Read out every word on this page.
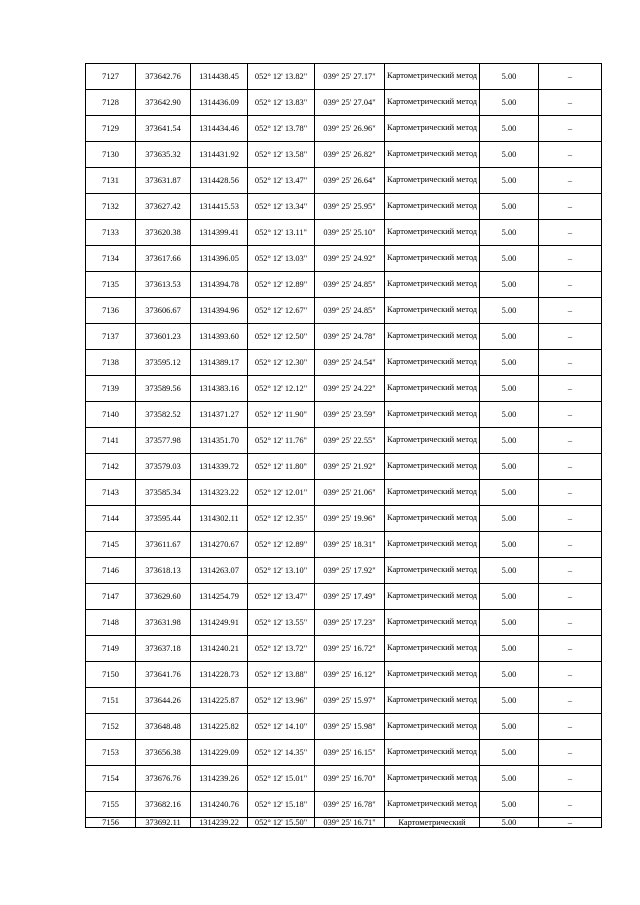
7127	373642.76	1314438.45	052° 12' 13.82"	039° 25' 27.17"	Картометрический метод	5.00	–
7128	373642.90	1314436.09	052° 12' 13.83"	039° 25' 27.04"	Картометрический метод	5.00	–
7129	373641.54	1314434.46	052° 12' 13.78"	039° 25' 26.96"	Картометрический метод	5.00	–
7130	373635.32	1314431.92	052° 12' 13.58"	039° 25' 26.82"	Картометрический метод	5.00	–
7131	373631.87	1314428.56	052° 12' 13.47"	039° 25' 26.64"	Картометрический метод	5.00	–
7132	373627.42	1314415.53	052° 12' 13.34"	039° 25' 25.95"	Картометрический метод	5.00	–
7133	373620.38	1314399.41	052° 12' 13.11"	039° 25' 25.10"	Картометрический метод	5.00	–
7134	373617.66	1314396.05	052° 12' 13.03"	039° 25' 24.92"	Картометрический метод	5.00	–
7135	373613.53	1314394.78	052° 12' 12.89"	039° 25' 24.85"	Картометрический метод	5.00	–
7136	373606.67	1314394.96	052° 12' 12.67"	039° 25' 24.85"	Картометрический метод	5.00	–
7137	373601.23	1314393.60	052° 12' 12.50"	039° 25' 24.78"	Картометрический метод	5.00	–
7138	373595.12	1314389.17	052° 12' 12.30"	039° 25' 24.54"	Картометрический метод	5.00	–
7139	373589.56	1314383.16	052° 12' 12.12"	039° 25' 24.22"	Картометрический метод	5.00	–
7140	373582.52	1314371.27	052° 12' 11.90"	039° 25' 23.59"	Картометрический метод	5.00	–
7141	373577.98	1314351.70	052° 12' 11.76"	039° 25' 22.55"	Картометрический метод	5.00	–
7142	373579.03	1314339.72	052° 12' 11.80"	039° 25' 21.92"	Картометрический метод	5.00	–
7143	373585.34	1314323.22	052° 12' 12.01"	039° 25' 21.06"	Картометрический метод	5.00	–
7144	373595.44	1314302.11	052° 12' 12.35"	039° 25' 19.96"	Картометрический метод	5.00	–
7145	373611.67	1314270.67	052° 12' 12.89"	039° 25' 18.31"	Картометрический метод	5.00	–
7146	373618.13	1314263.07	052° 12' 13.10"	039° 25' 17.92"	Картометрический метод	5.00	–
7147	373629.60	1314254.79	052° 12' 13.47"	039° 25' 17.49"	Картометрический метод	5.00	–
7148	373631.98	1314249.91	052° 12' 13.55"	039° 25' 17.23"	Картометрический метод	5.00	–
7149	373637.18	1314240.21	052° 12' 13.72"	039° 25' 16.72"	Картометрический метод	5.00	–
7150	373641.76	1314228.73	052° 12' 13.88"	039° 25' 16.12"	Картометрический метод	5.00	–
7151	373644.26	1314225.87	052° 12' 13.96"	039° 25' 15.97"	Картометрический метод	5.00	–
7152	373648.48	1314225.82	052° 12' 14.10"	039° 25' 15.98"	Картометрический метод	5.00	–
7153	373656.38	1314229.09	052° 12' 14.35"	039° 25' 16.15"	Картометрический метод	5.00	–
7154	373676.76	1314239.26	052° 12' 15.01"	039° 25' 16.70"	Картометрический метод	5.00	–
7155	373682.16	1314240.76	052° 12' 15.18"	039° 25' 16.78"	Картометрический метод	5.00	–
7156	373692.11	1314239.22	052° 12' 15.50"	039° 25' 16.71"	Картометрический	5.00	–
